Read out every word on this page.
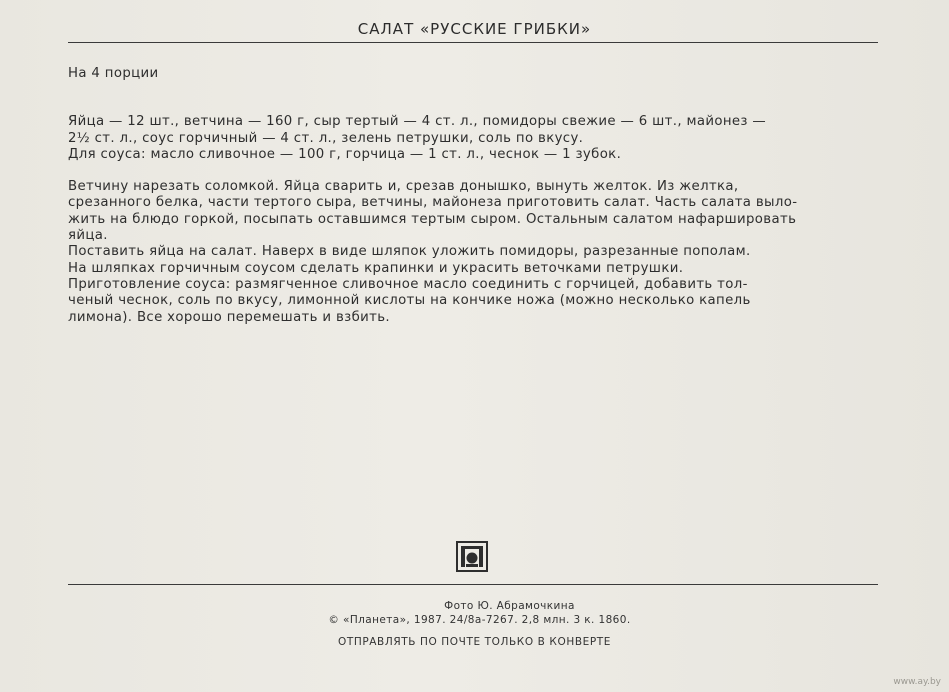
САЛАТ «РУССКИЕ ГРИБКИ»

На 4 порции

Яйца — 12 шт., ветчина — 160 г, сыр тертый — 4 ст. л., помидоры свежие — 6 шт., майонез —

2½ ст. л., соус горчичный — 4 ст. л., зелень петрушки, соль по вкусу.

Для соуса: масло сливочное — 100 г, горчица — 1 ст. л., чеснок — 1 зубок.

Ветчину нарезать соломкой. Яйца сварить и, срезав донышко, вынуть желток. Из желтка,

срезанного белка, части тертого сыра, ветчины, майонеза приготовить салат. Часть салата выло-

жить на блюдо горкой, посыпать оставшимся тертым сыром. Остальным салатом нафаршировать

яйца.

Поставить яйца на салат. Наверх в виде шляпок уложить помидоры, разрезанные пополам.

На шляпках горчичным соусом сделать крапинки и украсить веточками петрушки.

Приготовление соуса: размягченное сливочное масло соединить с горчицей, добавить тол-

ченый чеснок, соль по вкусу, лимонной кислоты на кончике ножа (можно несколько капель

лимона). Все хорошо перемешать и взбить.

Фото Ю. Абрамочкина
© «Планета», 1987. 24/8а-7267. 2,8 млн. 3 к. 1860.
ОТПРАВЛЯТЬ ПО ПОЧТЕ ТОЛЬКО В КОНВЕРТЕ
www.ay.by
